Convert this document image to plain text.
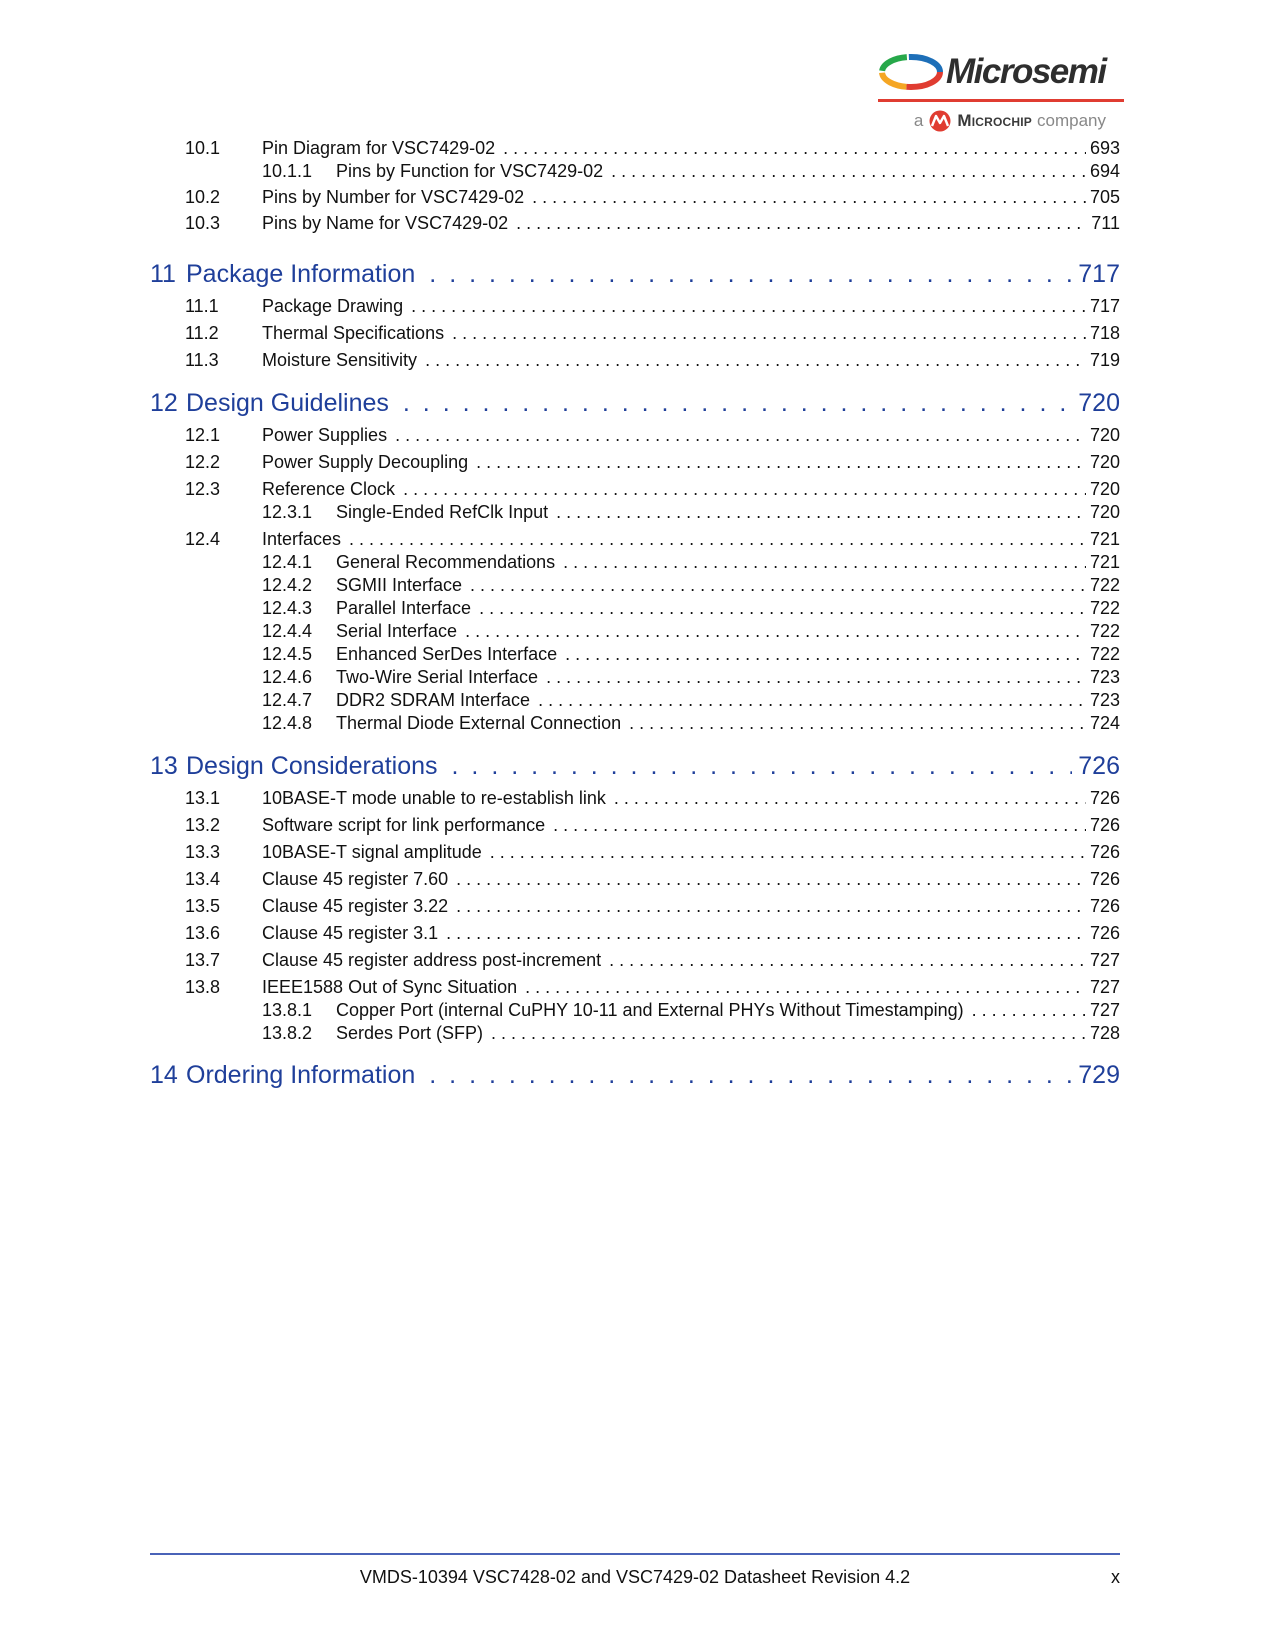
Microsemi
a Microchip company
10.1 Pin Diagram for VSC7429-02 . . .	693
10.1.1 Pins by Function for VSC7429-02 . . .	694
10.2 Pins by Number for VSC7429-02 . . .	705
10.3 Pins by Name for VSC7429-02 . . .	711
11 Package Information . . .	717
11.1 Package Drawing . . .	717
11.2 Thermal Specifications . . .	718
11.3 Moisture Sensitivity . . .	719
12 Design Guidelines . . .	720
12.1 Power Supplies . . .	720
12.2 Power Supply Decoupling . . .	720
12.3 Reference Clock . . .	720
12.3.1 Single-Ended RefClk Input . . .	720
12.4 Interfaces . . .	721
12.4.1 General Recommendations . . .	721
12.4.2 SGMII Interface . . .	722
12.4.3 Parallel Interface . . .	722
12.4.4 Serial Interface . . .	722
12.4.5 Enhanced SerDes Interface . . .	722
12.4.6 Two-Wire Serial Interface . . .	723
12.4.7 DDR2 SDRAM Interface . . .	723
12.4.8 Thermal Diode External Connection . . .	724
13 Design Considerations . . .	726
13.1 10BASE-T mode unable to re-establish link . . .	726
13.2 Software script for link performance . . .	726
13.3 10BASE-T signal amplitude . . .	726
13.4 Clause 45 register 7.60 . . .	726
13.5 Clause 45 register 3.22 . . .	726
13.6 Clause 45 register 3.1 . . .	726
13.7 Clause 45 register address post-increment . . .	727
13.8 IEEE1588 Out of Sync Situation . . .	727
13.8.1 Copper Port (internal CuPHY 10-11 and External PHYs Without Timestamping) . . .	727
13.8.2 Serdes Port (SFP) . . .	728
14 Ordering Information . . .	729
VMDS-10394 VSC7428-02 and VSC7429-02 Datasheet Revision 4.2	x
